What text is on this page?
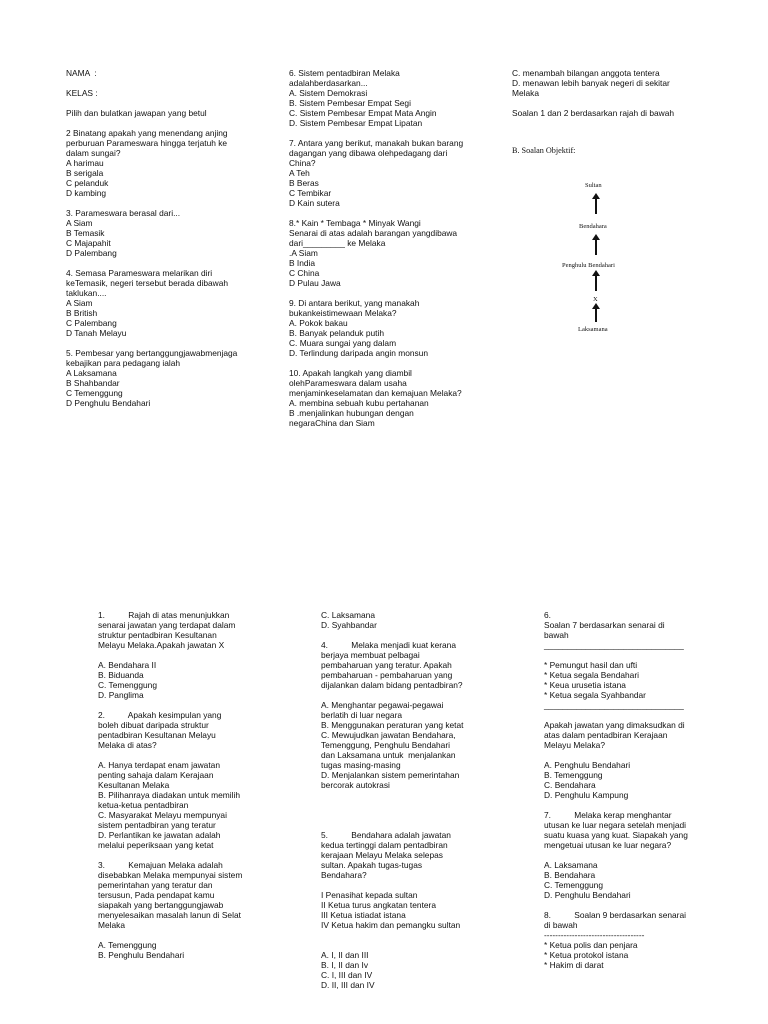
NAMA  :
KELAS :
Pilih dan bulatkan jawapan yang betul
2 Binatang apakah yang menendang anjing
perburuan Parameswara hingga terjatuh ke
dalam sungai?
A harimau
B serigala
C pelanduk
D kambing
3. Parameswara berasal dari...
A Siam
B Temasik
C Majapahit
D Palembang
4. Semasa Parameswara melarikan diri
keTemasik, negeri tersebut berada dibawah
taklukan....
A Siam
B British
C Palembang
D Tanah Melayu
5. Pembesar yang bertanggungjawabmenjaga
kebajikan para pedagang ialah
A Laksamana
B Shahbandar
C Temenggung
D Penghulu Bendahari
6. Sistem pentadbiran Melaka
adalahberdasarkan...
A. Sistem Demokrasi
B. Sistem Pembesar Empat Segi
C. Sistem Pembesar Empat Mata Angin
D. Sistem Pembesar Empat Lipatan
7. Antara yang berikut, manakah bukan barang
dagangan yang dibawa olehpedagang dari
China?
A Teh
B Beras
C Tembikar
D Kain sutera
8.* Kain * Tembaga * Minyak Wangi
Senarai di atas adalah barangan yangdibawa
dari_________ ke Melaka
.A Siam
B India
C China
D Pulau Jawa
9. Di antara berikut, yang manakah
bukankeistimewaan Melaka?
A. Pokok bakau
B. Banyak pelanduk putih
C. Muara sungai yang dalam
D. Terlindung daripada angin monsun
10. Apakah langkah yang diambil
olehParameswara dalam usaha
menjaminkeselamatan dan kemajuan Melaka?
A. membina sebuah kubu pertahanan
B .menjalinkan hubungan dengan
negaraChina dan Siam
C. menambah bilangan anggota tentera
D. menawan lebih banyak negeri di sekitar
Melaka
Soalan 1 dan 2 berdasarkan rajah di bawah
B. Soalan Objektif:
Sultan
Bendahara
Penghulu Bendahari
X
Laksamana
1.          Rajah di atas menunjukkan
senarai jawatan yang terdapat dalam
struktur pentadbiran Kesultanan
Melayu Melaka.Apakah jawatan X
A. Bendahara II
B. Biduanda
C. Temenggung
D. Panglima
2.          Apakah kesimpulan yang
boleh dibuat daripada struktur
pentadbiran Kesultanan Melayu
Melaka di atas?
A. Hanya terdapat enam jawatan
penting sahaja dalam Kerajaan
Kesultanan Melaka
B. Pilihanraya diadakan untuk memilih
ketua-ketua pentadbiran
C. Masyarakat Melayu mempunyai
sistem pentadbiran yang teratur
D. Perlantikan ke jawatan adalah
melalui peperiksaan yang ketat
3.          Kemajuan Melaka adalah
disebabkan Melaka mempunyai sistem
pemerintahan yang teratur dan
tersusun, Pada pendapat kamu
siapakah yang bertanggungjawab
menyelesaikan masalah lanun di Selat
Melaka
A. Temenggung
B. Penghulu Bendahari
C. Laksamana
D. Syahbandar
4.          Melaka menjadi kuat kerana
berjaya membuat pelbagai
pembaharuan yang teratur. Apakah
pembaharuan - pembaharuan yang
dijalankan dalam bidang pentadbiran?
A. Menghantar pegawai-pegawai
berlatih di luar negara
B. Menggunakan peraturan yang ketat
C. Mewujudkan jawatan Bendahara,
Temenggung, Penghulu Bendahari
dan Laksamana untuk  menjalankan
tugas masing-masing
D. Menjalankan sistem pemerintahan
bercorak autokrasi

5.          Bendahara adalah jawatan
kedua tertinggi dalam pentadbiran
kerajaan Melayu Melaka selepas
sultan. Apakah tugas-tugas
Bendahara?
I Penasihat kepada sultan
II Ketua turus angkatan tentera
III Ketua istiadat istana
IV Ketua hakim dan pemangku sultan

A. I, II dan III
B. I, II dan Iv
C. I, III dan IV
D. II, III dan IV
6.
Soalan 7 berdasarkan senarai di
bawah
______________________________
* Pemungut hasil dan ufti
* Ketua segala Bendahari
* Keua urusetia istana
* Ketua segala Syahbandar
______________________________
Apakah jawatan yang dimaksudkan di
atas dalam pentadbiran Kerajaan
Melayu Melaka?
A. Penghulu Bendahari
B. Temenggung
C. Bendahara
D. Penghulu Kampung
7.          Melaka kerap menghantar
utusan ke luar negara setelah menjadi
suatu kuasa yang kuat. Siapakah yang
mengetuai utusan ke luar negara?
A. Laksamana
B. Bendahara
C. Temenggung
D. Penghulu Bendahari
8.          Soalan 9 berdasarkan senarai
di bawah
------------------------------------
* Ketua polis dan penjara
* Ketua protokol istana
* Hakim di darat
